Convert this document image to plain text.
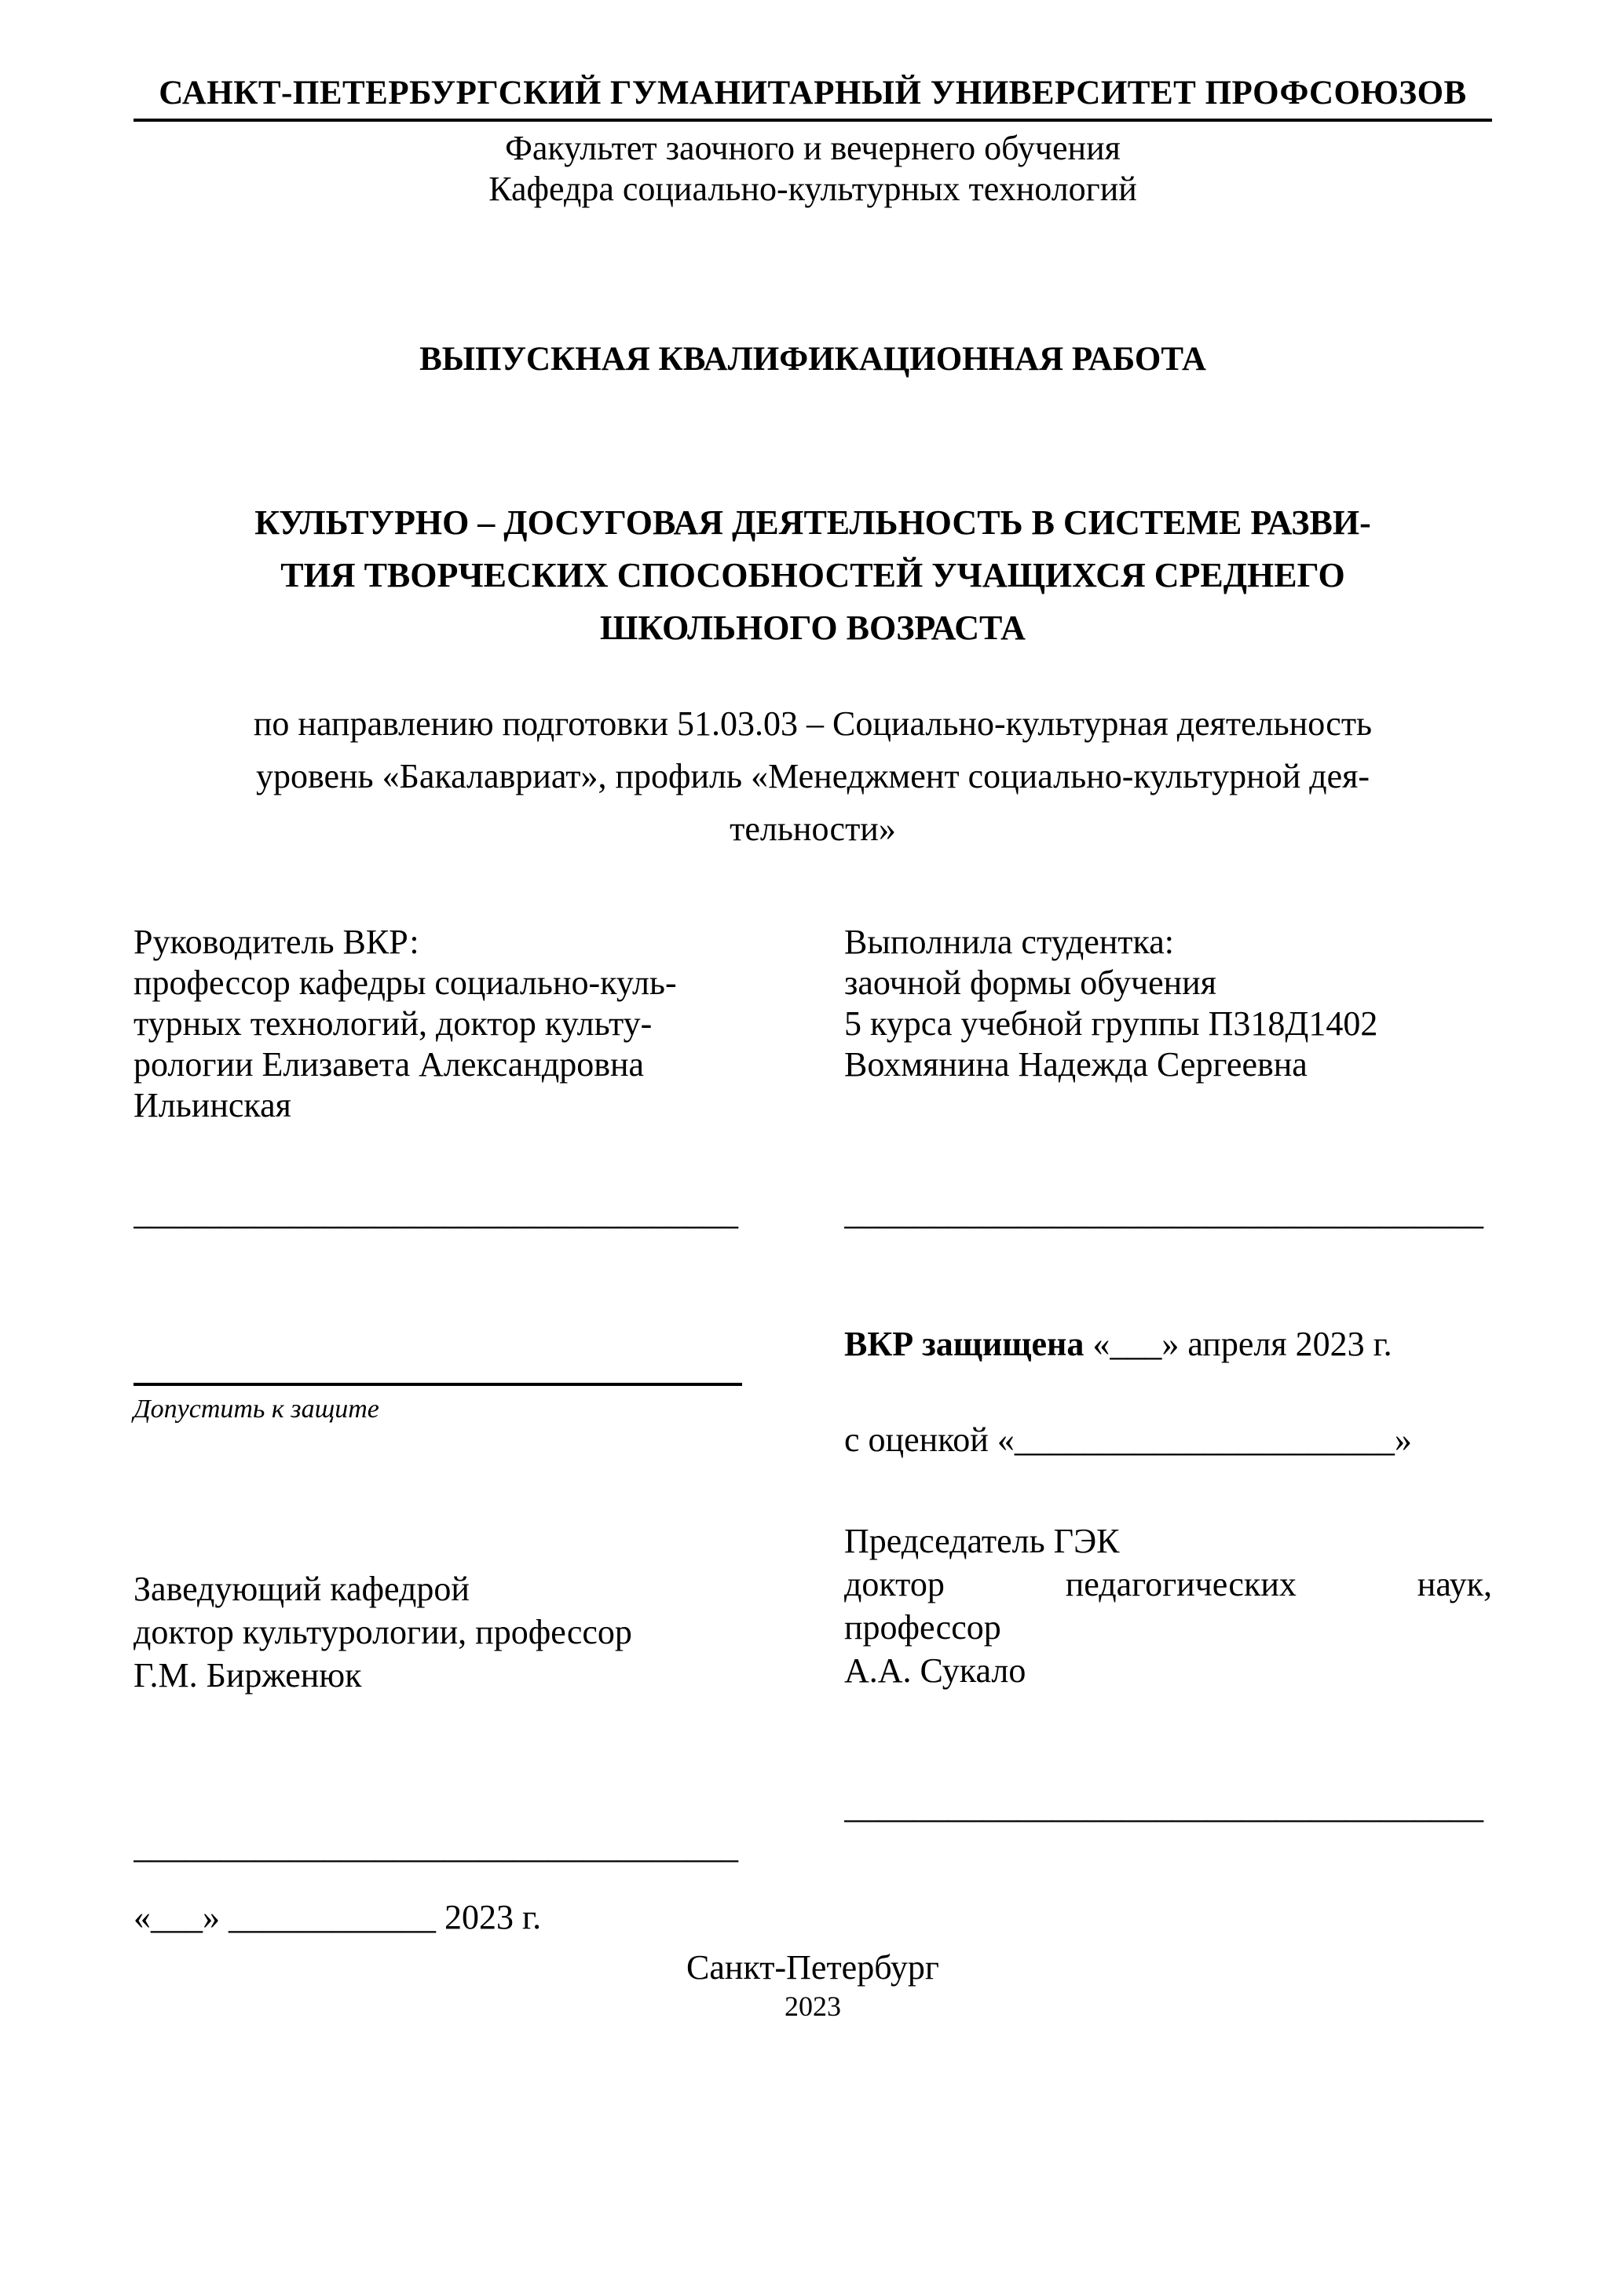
САНКТ-ПЕТЕРБУРГСКИЙ ГУМАНИТАРНЫЙ УНИВЕРСИТЕТ ПРОФСОЮЗОВ
Факультет заочного и вечернего обучения
Кафедра социально-культурных технологий
ВЫПУСКНАЯ КВАЛИФИКАЦИОННАЯ РАБОТА
КУЛЬТУРНО – ДОСУГОВАЯ ДЕЯТЕЛЬНОСТЬ В СИСТЕМЕ РАЗВИ-
ТИЯ ТВОРЧЕСКИХ СПОСОБНОСТЕЙ УЧАЩИХСЯ СРЕДНЕГО
ШКОЛЬНОГО ВОЗРАСТА
по направлению подготовки 51.03.03 – Социально-культурная деятельность
уровень «Бакалавриат», профиль «Менеджмент социально-культурной дея-
тельности»
Руководитель ВКР:
профессор кафедры социально-куль-
турных технологий, доктор культу-
рологии Елизавета Александровна
Ильинская
Выполнила студентка:
заочной формы обучения
5 курса учебной группы П318Д1402
Вохмянина Надежда Сергеевна
___________________________________
Допустить к защите
Заведующий кафедрой
доктор культурологии, профессор
Г.М. Бирженюк
___________________________________
«___» ____________ 2023 г.
_____________________________________
ВКР защищена «___» апреля 2023 г.
с оценкой «______________________»
Председатель ГЭК
доктор педагогических наук,
профессор
А.А. Сукало
_____________________________________
Санкт-Петербург
2023
